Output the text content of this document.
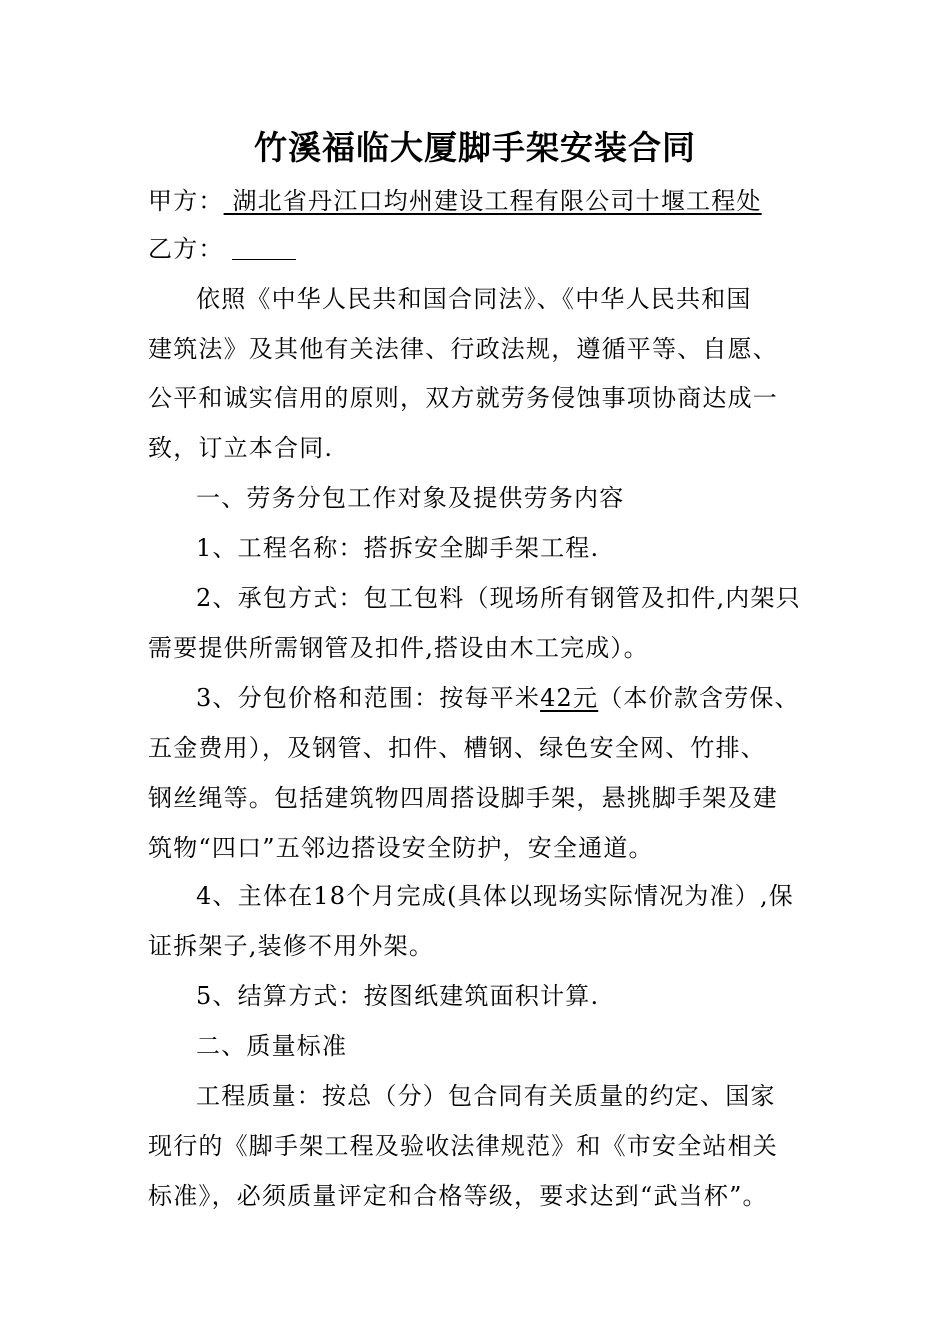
竹溪福临大厦脚手架安装合同
甲方： 湖北省丹江口均州建设工程有限公司十堰工程处
乙方：
依照《中华人民共和国合同法》、《中华人民共和国
建筑法》及其他有关法律、行政法规，遵循平等、自愿、
公平和诚实信用的原则，双方就劳务侵蚀事项协商达成一
致，订立本合同.
一、劳务分包工作对象及提供劳务内容
1、工程名称：搭拆安全脚手架工程.
2、承包方式：包工包料（现场所有钢管及扣件,内架只
需要提供所需钢管及扣件,搭设由木工完成）。
3、分包价格和范围：按每平米42元（本价款含劳保、
五金费用），及钢管、扣件、槽钢、绿色安全网、竹排、
钢丝绳等。包括建筑物四周搭设脚手架，悬挑脚手架及建
筑物“四口”五邻边搭设安全防护，安全通道。
4、主体在18个月完成(具体以现场实际情况为准）,保
证拆架子,装修不用外架。
5、结算方式：按图纸建筑面积计算.
二、质量标准
工程质量：按总（分）包合同有关质量的约定、国家
现行的《脚手架工程及验收法律规范》和《市安全站相关
标准》，必须质量评定和合格等级，要求达到“武当杯”。
